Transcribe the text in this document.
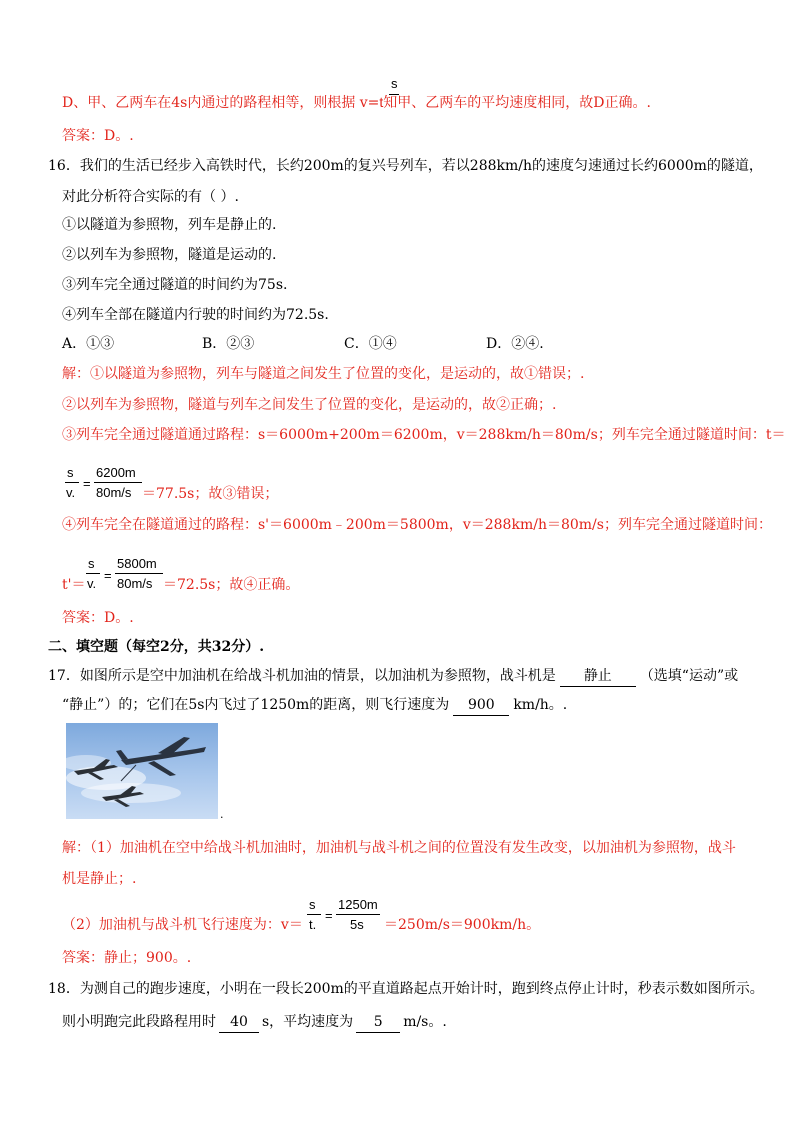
s
D、甲、乙两车在4s内通过的路程相等，则根据 v=t知甲、乙两车的平均速度相同，故D正确。.
答案：D。.
16．我们的生活已经步入高铁时代，长约200m的复兴号列车，若以288km/h的速度匀速通过长约6000m的隧道，
对此分析符合实际的有（ ）.
①以隧道为参照物，列车是静止的.
②以列车为参照物，隧道是运动的.
③列车完全通过隧道的时间约为75s.
④列车全部在隧道内行驶的时间约为72.5s.
A．①③	B．②③	C．①④	D．②④.
解：①以隧道为参照物，列车与隧道之间发生了位置的变化，是运动的，故①错误；.
②以列车为参照物，隧道与列车之间发生了位置的变化，是运动的，故②正确；.
③列车完全通过隧道通过路程：s＝6000m+200m＝6200m，v＝288km/h＝80m/s；列车完全通过隧道时间：t＝
s
v.
=
6200m
80m/s ＝77.5s；故③错误；
④列车完全在隧道通过的路程：s'＝6000m﹣200m＝5800m，v＝288km/h＝80m/s；列车完全通过隧道时间：
s
t'＝ v.
=
5800m
80m/s ＝72.5s；故④正确。
答案：D。.
二、填空题（每空2分，共32分）.
17．如图所示是空中加油机在给战斗机加油的情景，以加油机为参照物，战斗机是 静止 （选填“运动”或
“静止”）的；它们在5s内飞过了1250m的距离，则飞行速度为 900 km/h。.
.
解：（1）加油机在空中给战斗机加油时，加油机与战斗机之间的位置没有发生改变，以加油机为参照物，战斗
机是静止；.
s
（2）加油机与战斗机飞行速度为：v＝ t.
=
1250m
5s ＝250m/s＝900km/h。
答案：静止；900。.
18．为测自己的跑步速度，小明在一段长200m的平直道路起点开始计时，跑到终点停止计时，秒表示数如图所示。
则小明跑完此段路程用时 40 s，平均速度为 5 m/s。.
